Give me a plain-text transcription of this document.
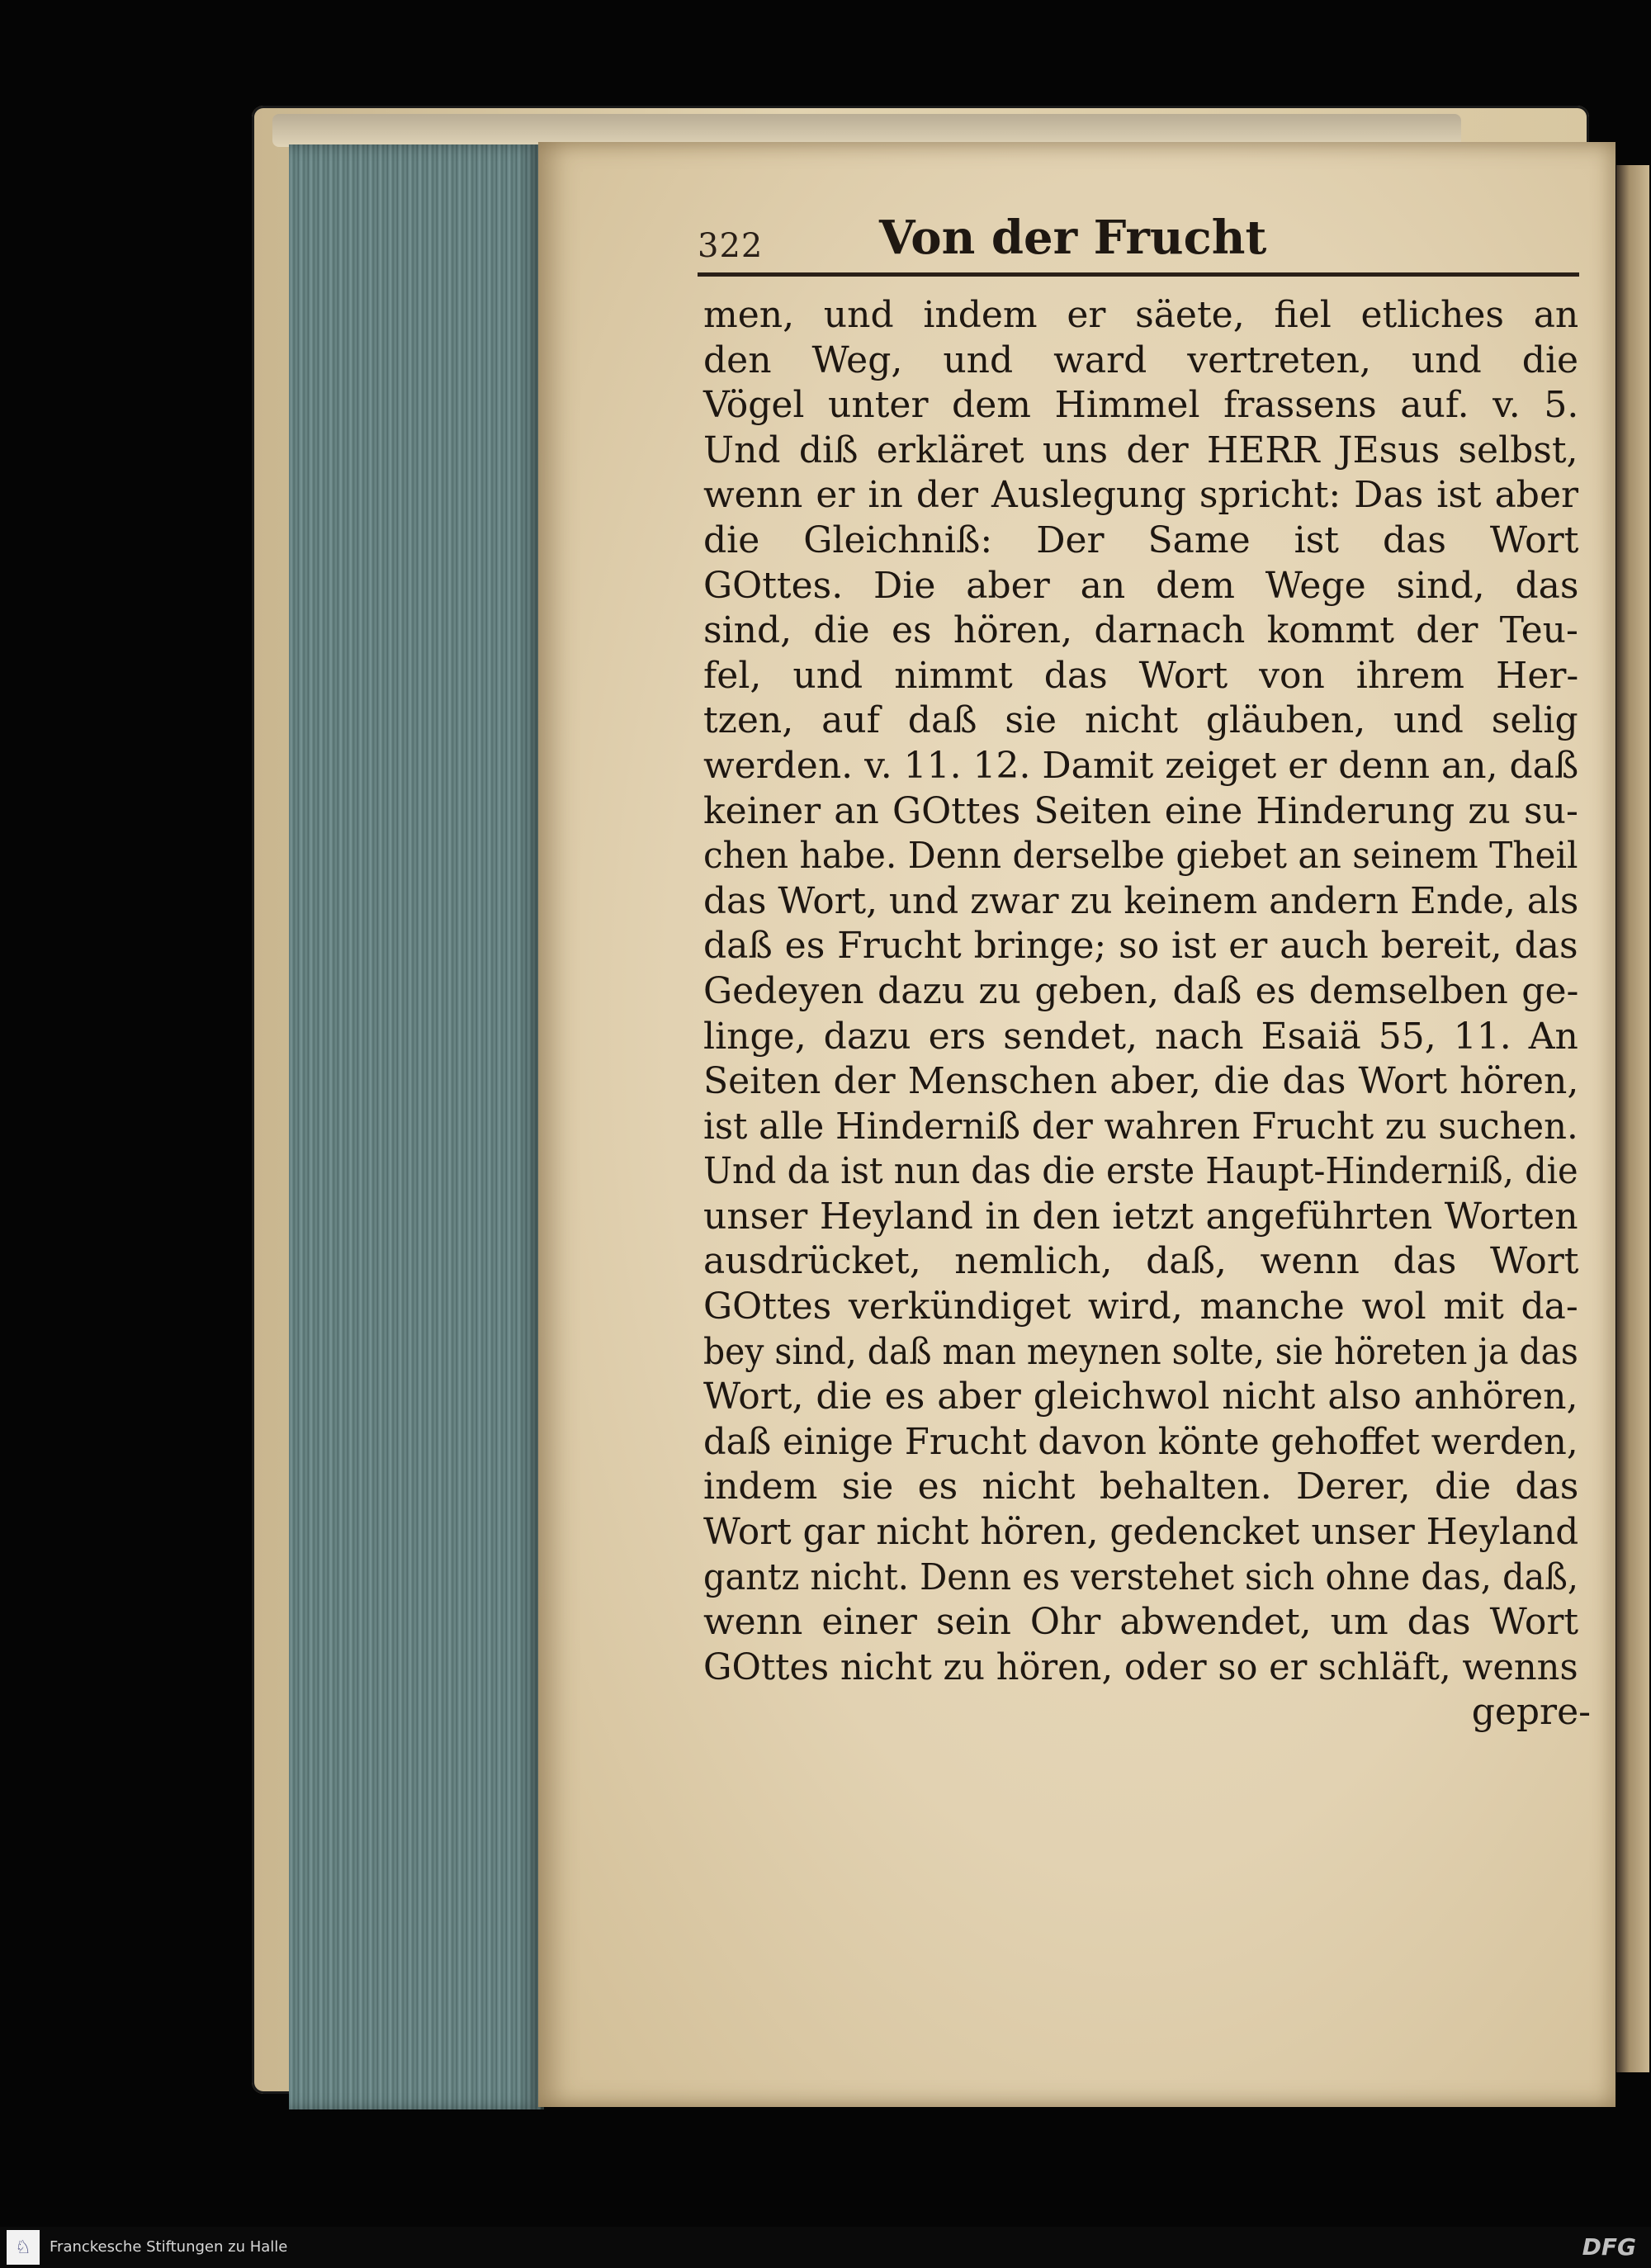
322	Von der Frucht
men, und indem er säete, fiel etliches an
den Weg, und ward vertreten, und die
Vögel unter dem Himmel frassens auf. v. 5.
Und diß erkläret uns der HERR JEsus selbst,
wenn er in der Auslegung spricht: Das ist aber
die Gleichniß: Der Same ist das Wort
GOttes. Die aber an dem Wege sind, das
sind, die es hören, darnach kommt der Teu-
fel, und nimmt das Wort von ihrem Her-
tzen, auf daß sie nicht gläuben, und selig
werden. v. 11. 12. Damit zeiget er denn an, daß
keiner an GOttes Seiten eine Hinderung zu su-
chen habe. Denn derselbe giebet an seinem Theil
das Wort, und zwar zu keinem andern Ende, als
daß es Frucht bringe; so ist er auch bereit, das
Gedeyen dazu zu geben, daß es demselben ge-
linge, dazu ers sendet, nach Esaiä 55, 11. An
Seiten der Menschen aber, die das Wort hören,
ist alle Hinderniß der wahren Frucht zu suchen.
Und da ist nun das die erste Haupt-Hinderniß, die
unser Heyland in den ietzt angeführten Worten
ausdrücket, nemlich, daß, wenn das Wort
GOttes verkündiget wird, manche wol mit da-
bey sind, daß man meynen solte, sie höreten ja das
Wort, die es aber gleichwol nicht also anhören,
daß einige Frucht davon könte gehoffet werden,
indem sie es nicht behalten. Derer, die das
Wort gar nicht hören, gedencket unser Heyland
gantz nicht. Denn es verstehet sich ohne das, daß,
wenn einer sein Ohr abwendet, um das Wort
GOttes nicht zu hören, oder so er schläft, wenns
gepre-
♘	Franckesche Stiftungen zu Halle	DFG
